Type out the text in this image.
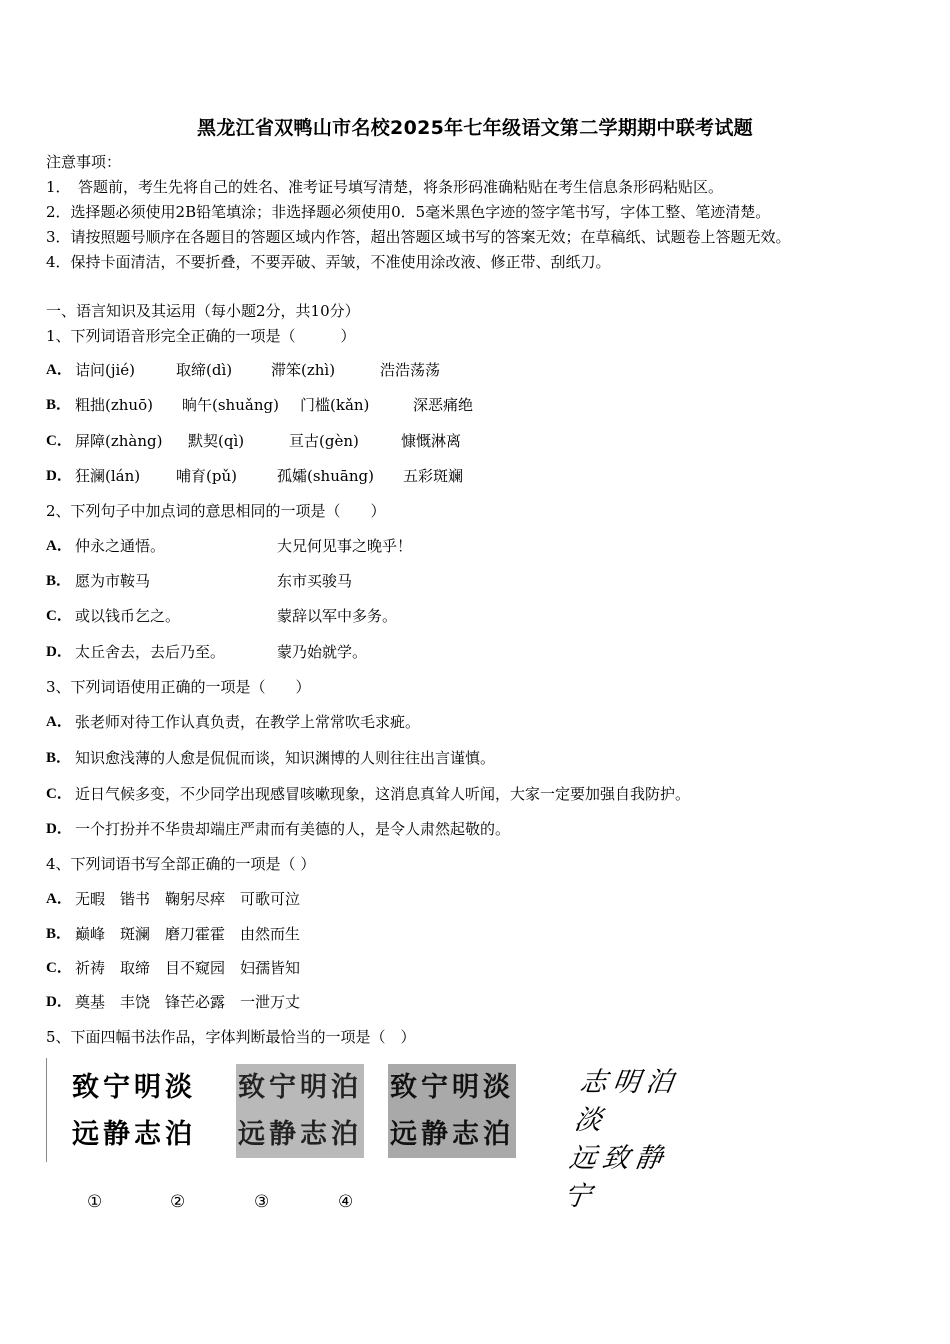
黑龙江省双鸭山市名校2025年七年级语文第二学期期中联考试题
注意事项：
1．　答题前，考生先将自己的姓名、准考证号填写清楚，将条形码准确粘贴在考生信息条形码粘贴区。
2．选择题必须使用2B铅笔填涂；非选择题必须使用0．5毫米黑色字迹的签字笔书写，字体工整、笔迹清楚。
3．请按照题号顺序在各题目的答题区域内作答，超出答题区域书写的答案无效；在草稿纸、试题卷上答题无效。
4．保持卡面清洁，不要折叠，不要弄破、弄皱，不准使用涂改液、修正带、刮纸刀。
一、语言知识及其运用（每小题2分，共10分）
1、下列词语音形完全正确的一项是（　　　）
A． 诘问(jié)	取缔(dì)	滞笨(zhì)	浩浩荡荡
B． 粗拙(zhuō) 晌午(shuǎng) 门槛(kǎn)	深恶痛绝
C． 屏障(zhàng) 默契(qì)	亘古(gèn)	慷慨淋离
D． 狂澜(lán) 哺育(pǔ)	孤孀(shuāng) 五彩斑斓
2、下列句子中加点词的意思相同的一项是（　　）
A． 仲永之通悟。	大兄何见事之晚乎！
B． 愿为市鞍马	东市买骏马
C． 或以钱币乞之。	蒙辞以军中多务。
D． 太丘舍去，去后乃至。	蒙乃始就学。
3、下列词语使用正确的一项是（　　）
A． 张老师对待工作认真负责，在教学上常常吹毛求疵。
B． 知识愈浅薄的人愈是侃侃而谈，知识渊博的人则往往出言谨慎。
C． 近日气候多变，不少同学出现感冒咳嗽现象，这消息真耸人听闻，大家一定要加强自我防护。
D． 一个打扮并不华贵却端庄严肃而有美德的人，是令人肃然起敬的。
4、下列词语书写全部正确的一项是（ ）
A． 无暇　锴书　鞠躬尽瘁　可歌可泣
B． 巅峰　斑澜　磨刀霍霍　由然而生
C． 祈祷　取缔　目不窥园　妇孺皆知
D． 奠基　丰饶　锋芒必露　一泄万丈
5、下面四幅书法作品，字体判断最恰当的一项是（　）
致宁明淡
远静志泊
致宁明泊
远静志泊
致宁明淡
远静志泊
志明泊淡
远致静宁
①	②	③	④
